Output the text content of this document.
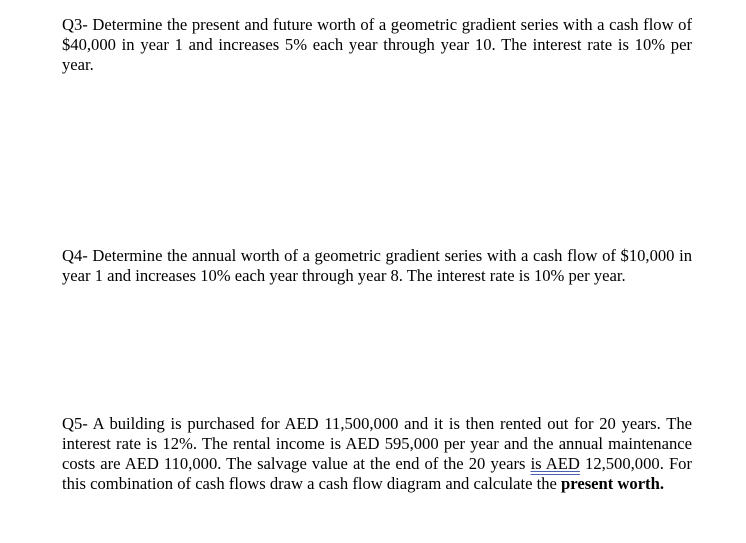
Q3- Determine the present and future worth of a geometric gradient series with a cash flow of $40,000 in year 1 and increases 5% each year through year 10. The interest rate is 10% per year.

Q4- Determine the annual worth of a geometric gradient series with a cash flow of $10,000 in year 1 and increases 10% each year through year 8. The interest rate is 10% per year.

Q5- A building is purchased for AED 11,500,000 and it is then rented out for 20 years. The interest rate is 12%. The rental income is AED 595,000 per year and the annual maintenance costs are AED 110,000. The salvage value at the end of the 20 years is AED 12,500,000. For this combination of cash flows draw a cash flow diagram and calculate the present worth.
